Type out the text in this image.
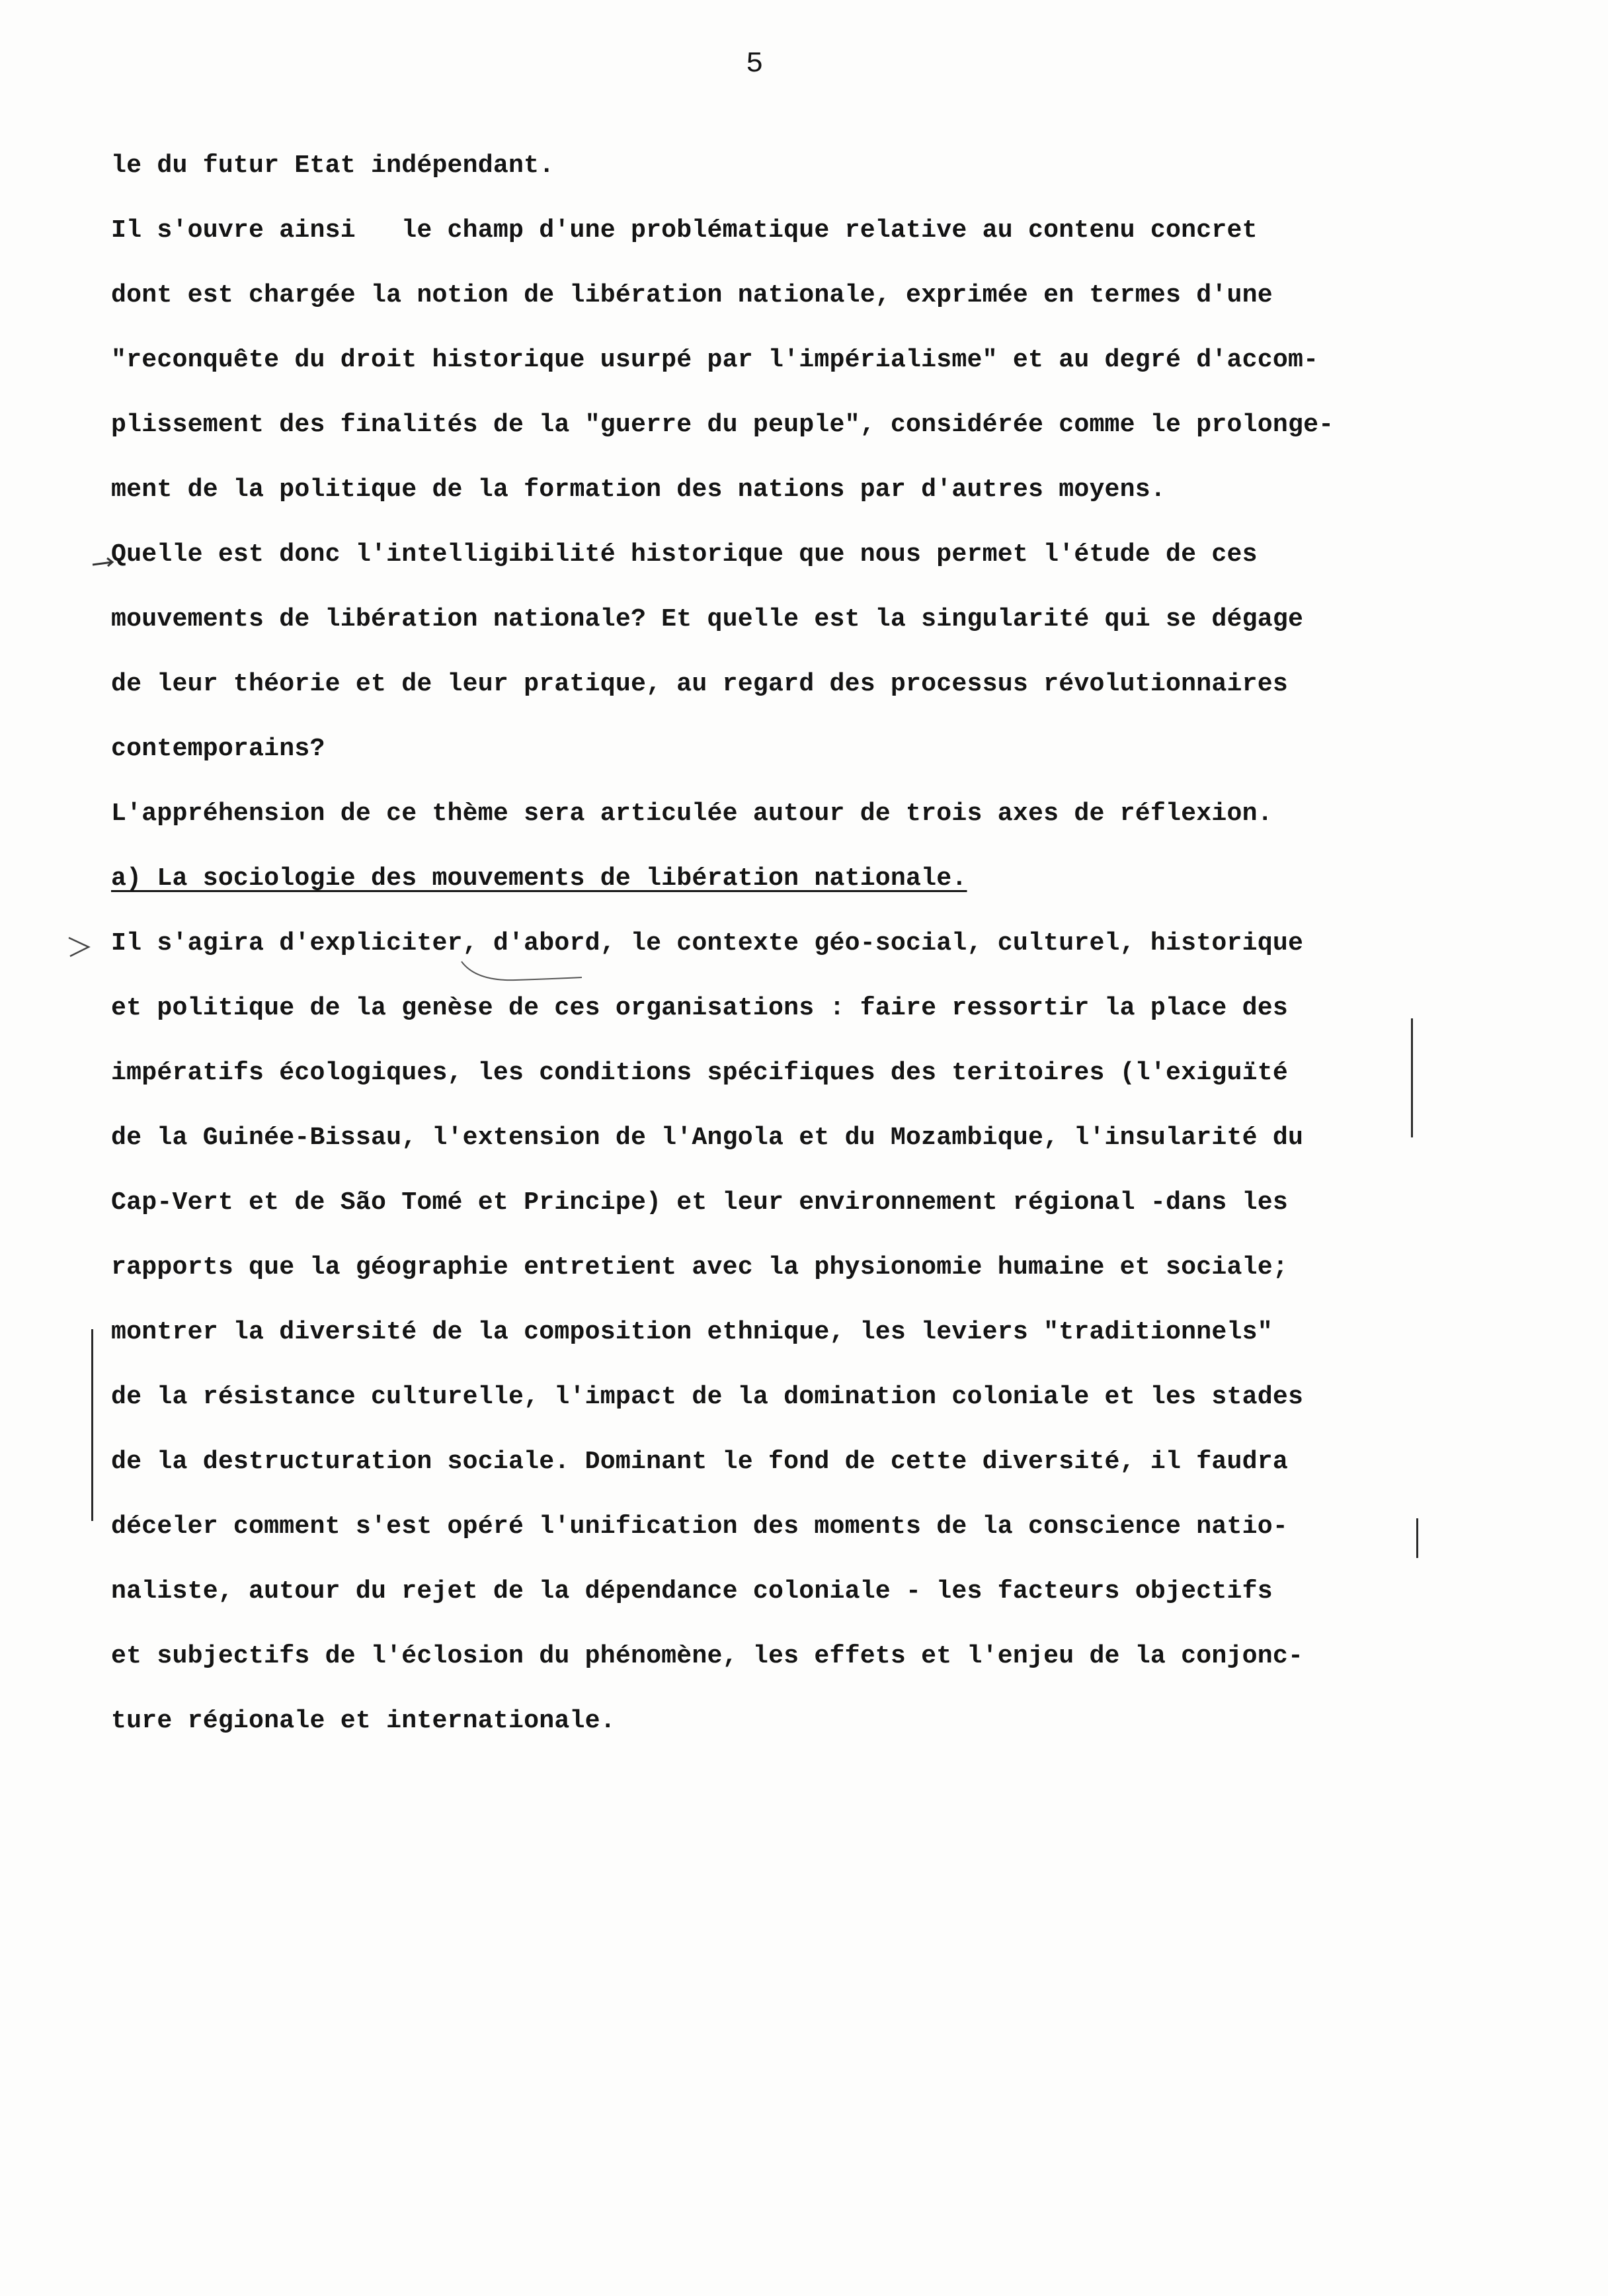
5
le du futur Etat indépendant.
Il s'ouvre ainsi   le champ d'une problématique relative au contenu concret
dont est chargée la notion de libération nationale, exprimée en termes d'une
"reconquête du droit historique usurpé par l'impérialisme" et au degré d'accom-
plissement des finalités de la "guerre du peuple", considérée comme le prolonge-
ment de la politique de la formation des nations par d'autres moyens.
Quelle est donc l'intelligibilité historique que nous permet l'étude de ces
mouvements de libération nationale? Et quelle est la singularité qui se dégage
de leur théorie et de leur pratique, au regard des processus révolutionnaires
contemporains?
L'appréhension de ce thème sera articulée autour de trois axes de réflexion.
a) La sociologie des mouvements de libération nationale.
Il s'agira d'expliciter, d'abord, le contexte géo-social, culturel, historique
et politique de la genèse de ces organisations : faire ressortir la place des
impératifs écologiques, les conditions spécifiques des teritoires (l'exiguïté
de la Guinée-Bissau, l'extension de l'Angola et du Mozambique, l'insularité du
Cap-Vert et de São Tomé et Principe) et leur environnement régional -dans les
rapports que la géographie entretient avec la physionomie humaine et sociale;
montrer la diversité de la composition ethnique, les leviers "traditionnels"
de la résistance culturelle, l'impact de la domination coloniale et les stades
de la destructuration sociale. Dominant le fond de cette diversité, il faudra
déceler comment s'est opéré l'unification des moments de la conscience natio-
naliste, autour du rejet de la dépendance coloniale - les facteurs objectifs
et subjectifs de l'éclosion du phénomène, les effets et l'enjeu de la conjonc-
ture régionale et internationale.
